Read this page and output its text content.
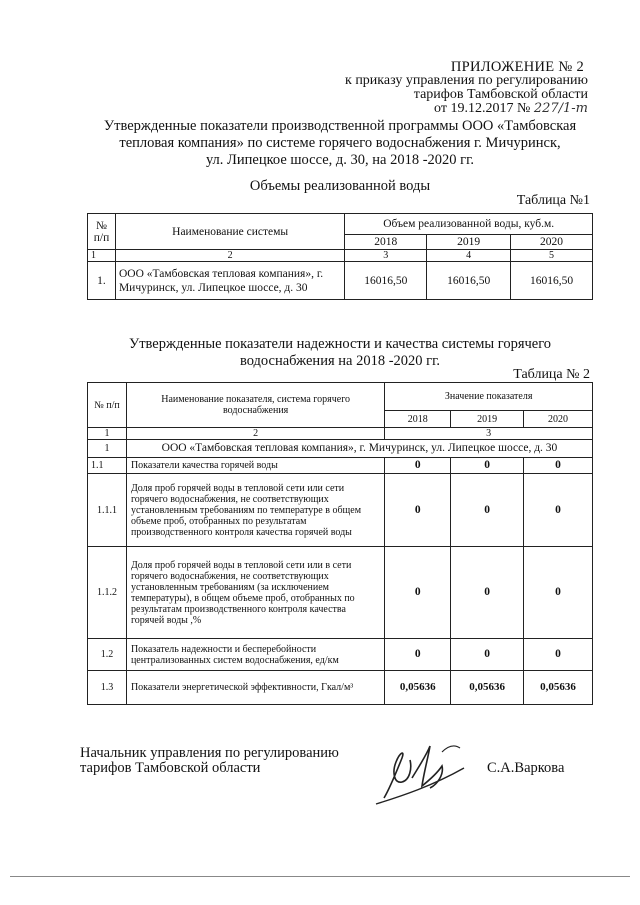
ПРИЛОЖЕНИЕ № 2
к приказу управления по регулированию
тарифов Тамбовской области
от 19.12.2017 № 227/1-т
Утвержденные показатели производственной программы ООО «Тамбовская
тепловая компания» по системе горячего водоснабжения г. Мичуринск,
ул. Липецкое шоссе, д. 30, на 2018 -2020 гг.
Объемы реализованной воды
Таблица №1
№ п/п	Наименование системы	Объем реализованной воды, куб.м.		
		2018	2019	2020
1	2	3	4	5
1.	ООО «Тамбовская тепловая компания», г. Мичуринск, ул. Липецкое шоссе, д. 30	16016,50	16016,50	16016,50
Утвержденные показатели надежности и качества системы горячего
водоснабжения на 2018 -2020 гг.
Таблица № 2
№ п/п	Наименование показателя, система горячего водоснабжения	Значение показателя		
		2018	2019	2020
1	2	3		
1	ООО «Тамбовская тепловая компания», г. Мичуринск, ул. Липецкое шоссе, д. 30			
1.1	Показатели качества горячей воды	0	0	0
1.1.1	Доля проб горячей воды в тепловой сети или сети горячего водоснабжения, не соответствующих установленным требованиям по температуре в общем объеме проб, отобранных по результатам производственного контроля качества горячей воды	0	0	0
1.1.2	Доля проб горячей воды в тепловой сети или в сети горячего водоснабжения, не соответствующих установленным требованиям (за исключением температуры), в общем объеме проб, отобранных по результатам производственного контроля качества горячей воды ,%	0	0	0
1.2	Показатель надежности и бесперебойности централизованных систем водоснабжения, ед/км	0	0	0
1.3	Показатели энергетической эффективности, Гкал/м³	0,05636	0,05636	0,05636
Начальник управления по регулированию
тарифов Тамбовской области	С.А.Варкова
